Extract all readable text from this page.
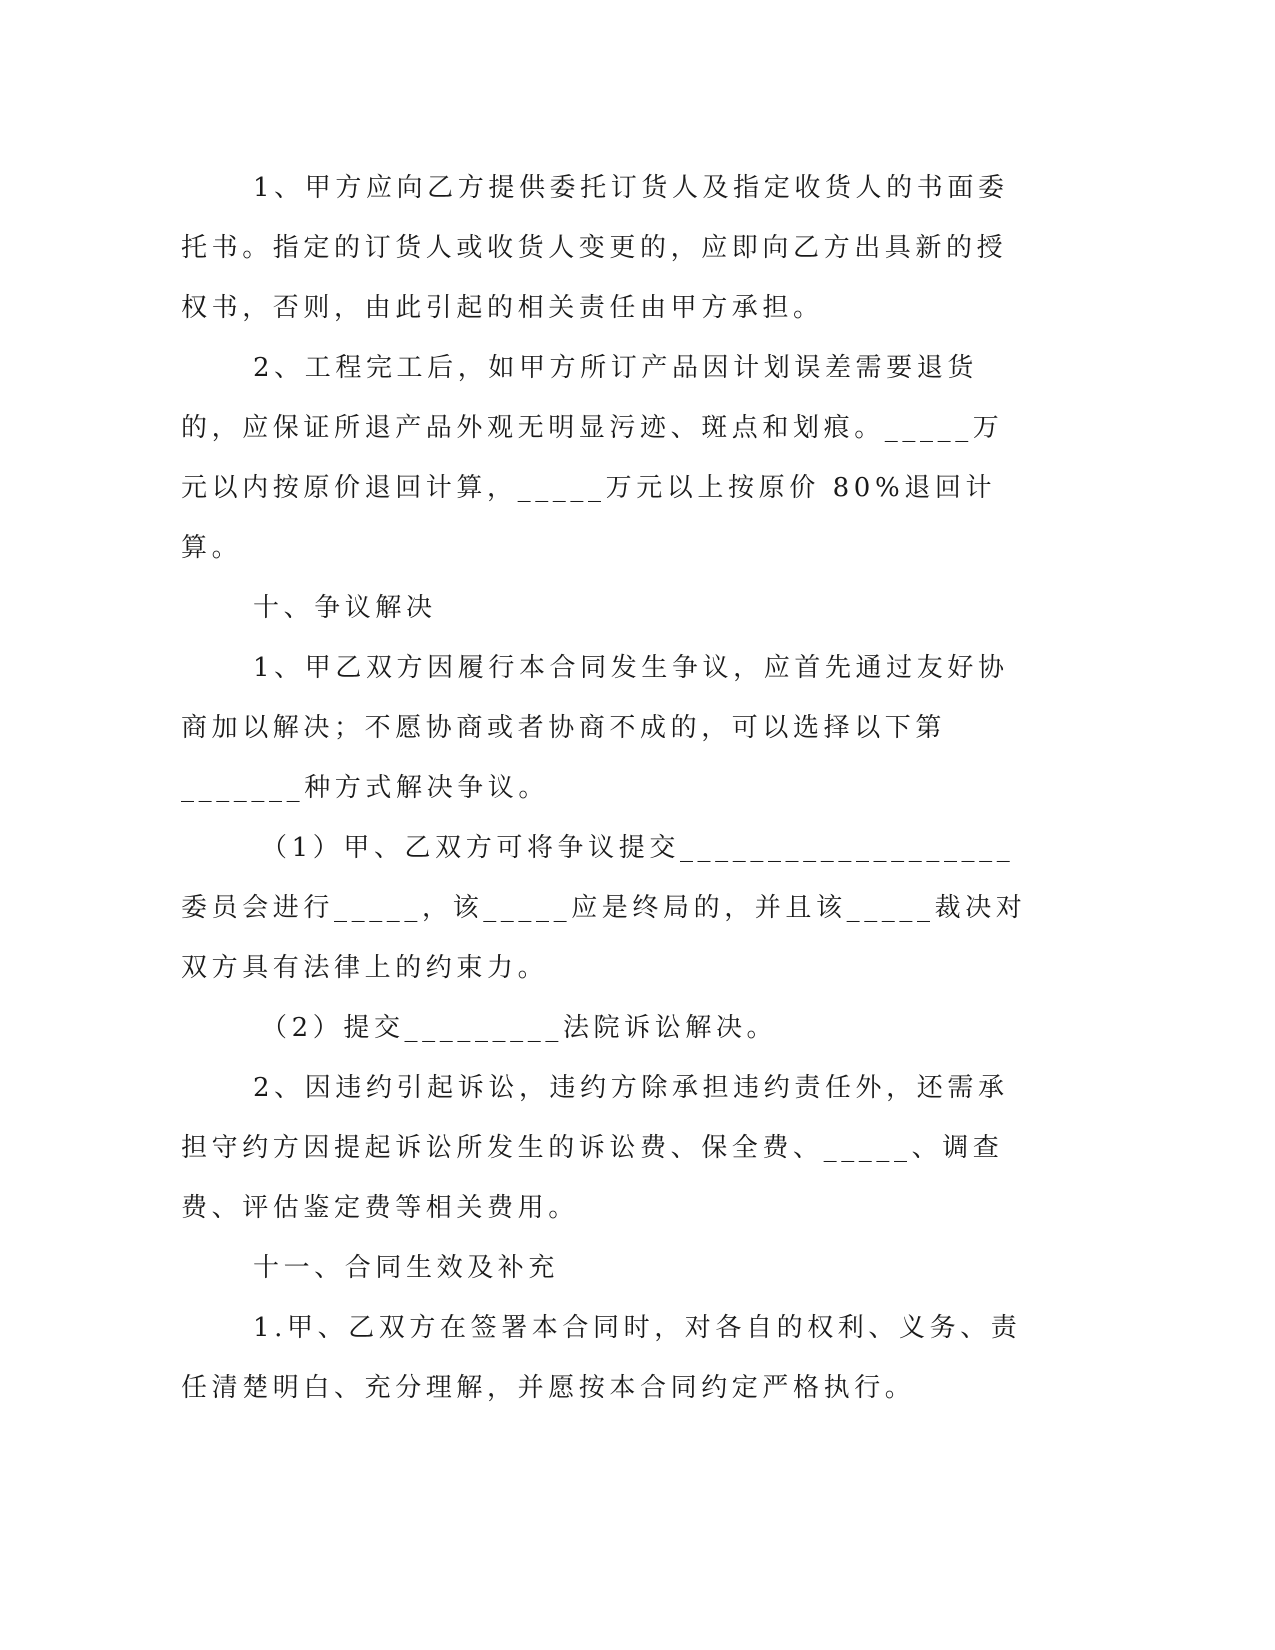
1、甲方应向乙方提供委托订货人及指定收货人的书面委托书。指定的订货人或收货人变更的，应即向乙方出具新的授权书，否则，由此引起的相关责任由甲方承担。

2、工程完工后，如甲方所订产品因计划误差需要退货的，应保证所退产品外观无明显污迹、斑点和划痕。_____万元以内按原价退回计算，_____万元以上按原价 80%退回计算。

十、争议解决

1、甲乙双方因履行本合同发生争议，应首先通过友好协商加以解决；不愿协商或者协商不成的，可以选择以下第_______种方式解决争议。

（1）甲、乙双方可将争议提交___________________委员会进行_____，该_____应是终局的，并且该_____裁决对双方具有法律上的约束力。

（2）提交_________法院诉讼解决。

2、因违约引起诉讼，违约方除承担违约责任外，还需承担守约方因提起诉讼所发生的诉讼费、保全费、_____、调查费、评估鉴定费等相关费用。

十一、合同生效及补充

1.甲、乙双方在签署本合同时，对各自的权利、义务、责任清楚明白、充分理解，并愿按本合同约定严格执行。
